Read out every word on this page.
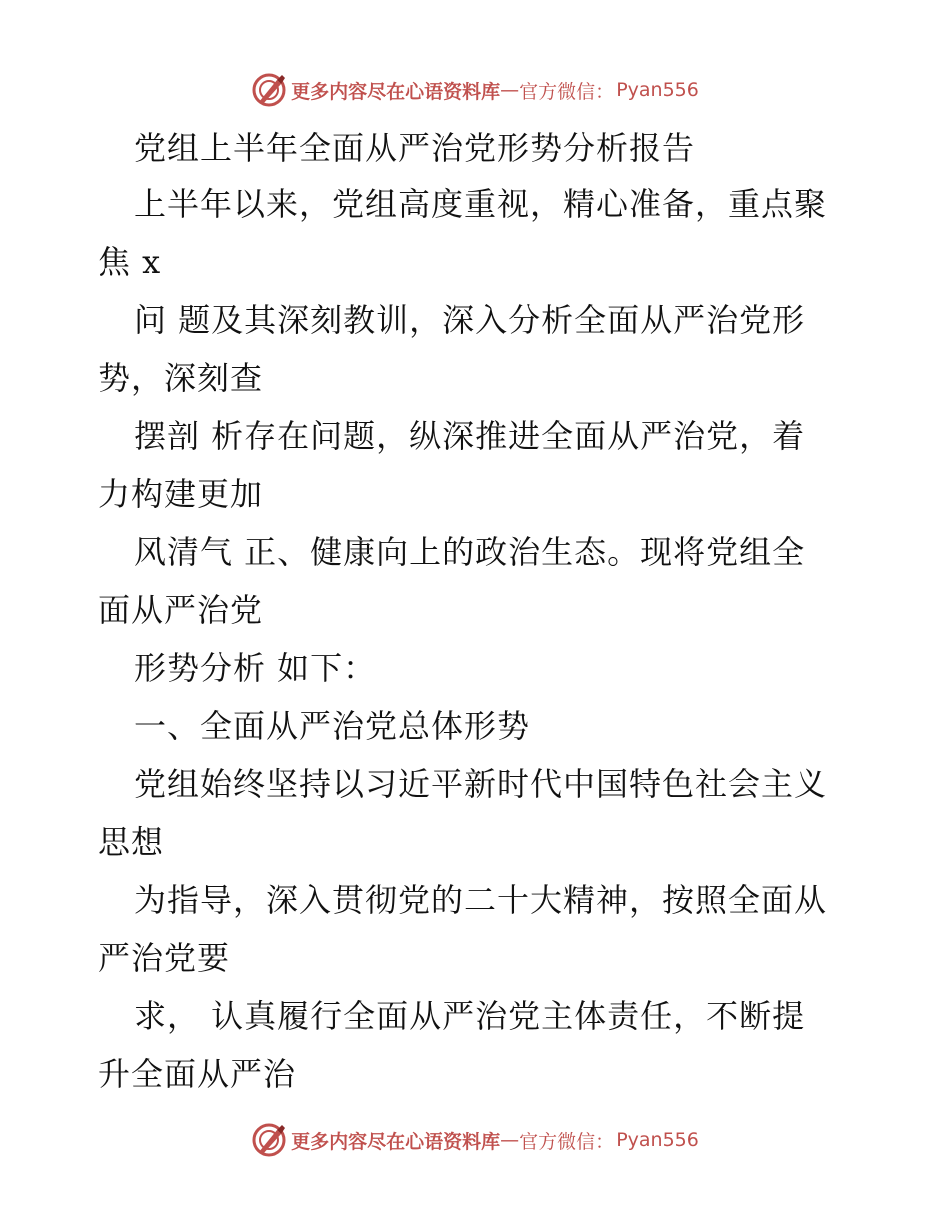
更多内容尽在心语资料库 — 官方微信： Pyan556
党组上半年全面从严治党形势分析报告
上半年以来，党组高度重视，精心准备，重点聚
焦 x
问 题及其深刻教训，深入分析全面从严治党形
势，深刻查
摆剖 析存在问题，纵深推进全面从严治党，着
力构建更加
风清气 正、健康向上的政治生态。现将党组全
面从严治党
形势分析 如下：
一、全面从严治党总体形势
党组始终坚持以习近平新时代中国特色社会主义
思想
为指导，深入贯彻党的二十大精神，按照全面从
严治党要
求， 认真履行全面从严治党主体责任，不断提
升全面从严治
更多内容尽在心语资料库 — 官方微信： Pyan556
